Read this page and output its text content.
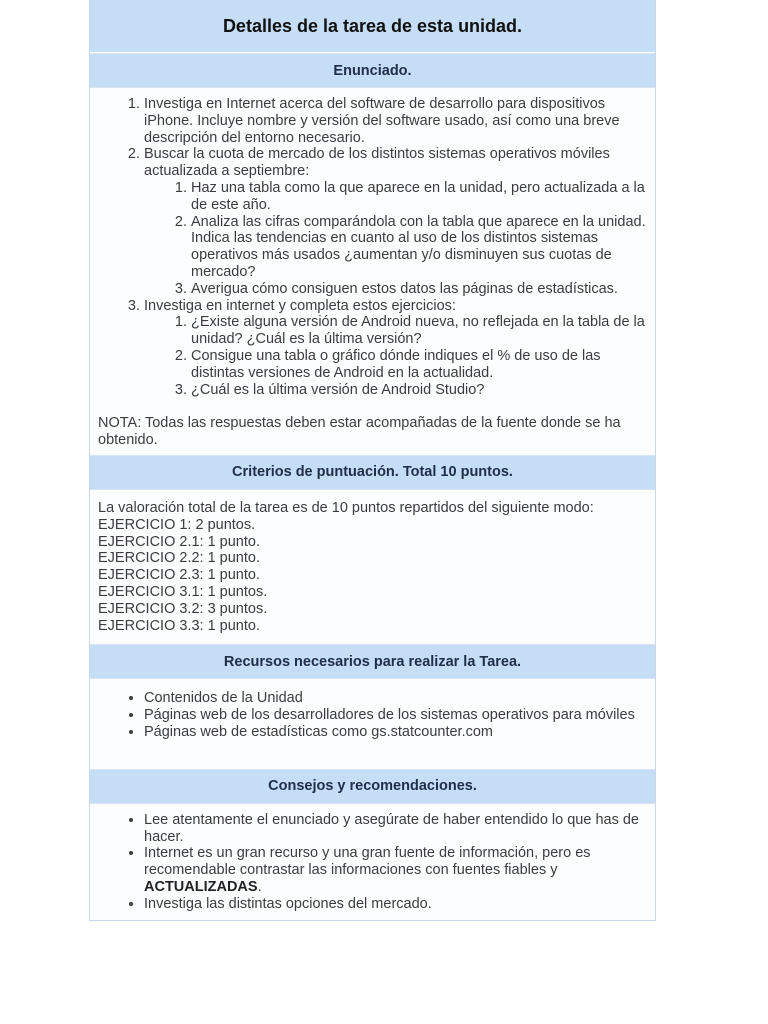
Detalles de la tarea de esta unidad.
Enunciado.
1. Investiga en Internet acerca del software de desarrollo para dispositivos iPhone. Incluye nombre y versión del software usado, así como una breve descripción del entorno necesario.
2. Buscar la cuota de mercado de los distintos sistemas operativos móviles actualizada a septiembre:
1. Haz una tabla como la que aparece en la unidad, pero actualizada a la de este año.
2. Analiza las cifras comparándola con la tabla que aparece en la unidad. Indica las tendencias en cuanto al uso de los distintos sistemas operativos más usados ¿aumentan y/o disminuyen sus cuotas de mercado?
3. Averigua cómo consiguen estos datos las páginas de estadísticas.
3. Investiga en internet y completa estos ejercicios:
1. ¿Existe alguna versión de Android nueva, no reflejada en la tabla de la unidad? ¿Cuál es la última versión?
2. Consigue una tabla o gráfico dónde indiques el % de uso de las distintas versiones de Android en la actualidad.
3. ¿Cuál es la última versión de Android Studio?

NOTA: Todas las respuestas deben estar acompañadas de la fuente donde se ha obtenido.

Criterios de puntuación. Total 10 puntos.

La valoración total de la tarea es de 10 puntos repartidos del siguiente modo:

EJERCICIO 1: 2 puntos.

EJERCICIO 2.1: 1 punto.

EJERCICIO 2.2: 1 punto.

EJERCICIO 2.3: 1 punto.

EJERCICIO 3.1: 1 puntos.

EJERCICIO 3.2: 3 puntos.

EJERCICIO 3.3: 1 punto.

Recursos necesarios para realizar la Tarea.
• Contenidos de la Unidad
• Páginas web de los desarrolladores de los sistemas operativos para móviles
• Páginas web de estadísticas como gs.statcounter.com
Consejos y recomendaciones.
• Lee atentamente el enunciado y asegúrate de haber entendido lo que has de hacer.
• Internet es un gran recurso y una gran fuente de información, pero es recomendable contrastar las informaciones con fuentes fiables y ACTUALIZADAS.
• Investiga las distintas opciones del mercado.
